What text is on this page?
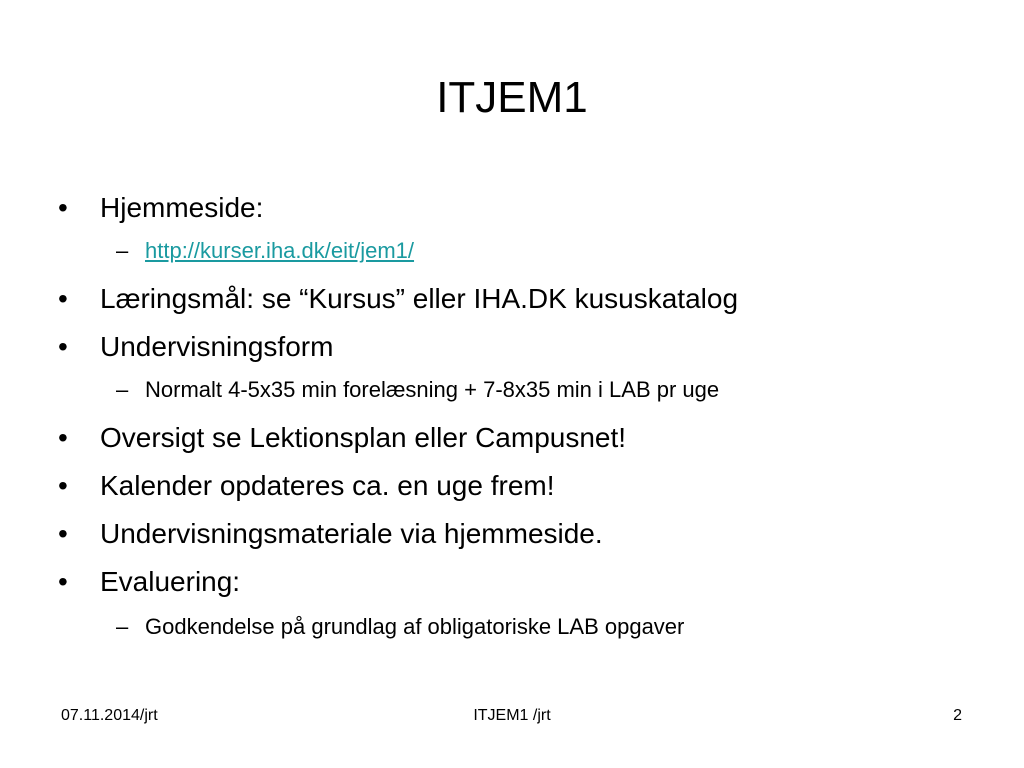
ITJEM1
• Hjemmeside:
– http://kurser.iha.dk/eit/jem1/
• Læringsmål: se “Kursus” eller IHA.DK kususkatalog
• Undervisningsform
– Normalt 4-5x35 min forelæsning + 7-8x35 min i LAB pr uge
• Oversigt se Lektionsplan eller Campusnet!
• Kalender opdateres ca. en uge frem!
• Undervisningsmateriale via hjemmeside.
• Evaluering:
– Godkendelse på grundlag af obligatoriske LAB opgaver
07.11.2014/jrt	ITJEM1 /jrt	2
